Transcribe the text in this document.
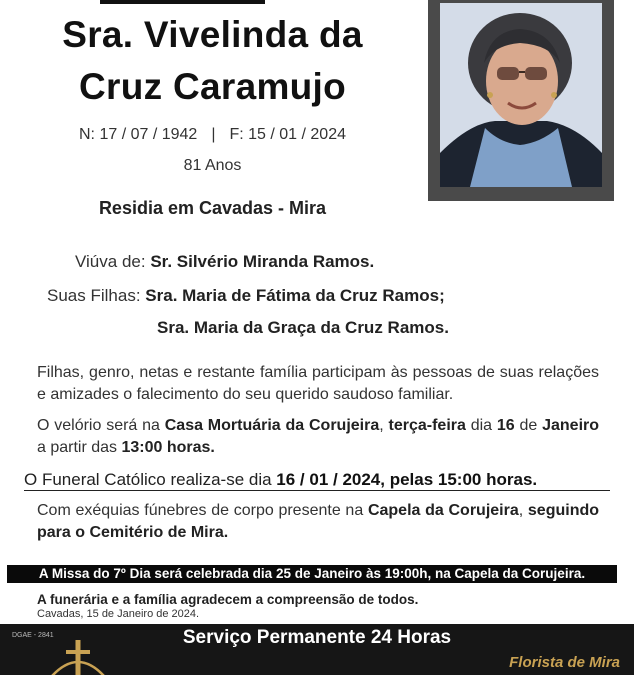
Sra. Vivelinda da
Cruz Caramujo
N: 17 / 07 / 1942 | F: 15 / 01 / 2024
81 Anos
Residia em Cavadas - Mira
Viúva de: Sr. Silvério Miranda Ramos.
Suas Filhas: Sra. Maria de Fátima da Cruz Ramos;
Sra. Maria da Graça da Cruz Ramos.
Filhas, genro, netas e restante família participam às pessoas de suas relações e amizades o falecimento do seu querido saudoso familiar.
O velório será na Casa Mortuária da Corujeira, terça-feira dia 16 de Janeiro a partir das 13:00 horas.
O Funeral Católico realiza-se dia 16 / 01 / 2024, pelas 15:00 horas.
Com exéquias fúnebres de corpo presente na Capela da Corujeira, seguindo para o Cemitério de Mira.
A Missa do 7º Dia será celebrada dia 25 de Janeiro às 19:00h, na Capela da Corujeira.
A funerária e a família agradecem a compreensão de todos.
Cavadas, 15 de Janeiro de 2024.
DGAE - 2841	Serviço Permanente 24 Horas
Florista de Mira
